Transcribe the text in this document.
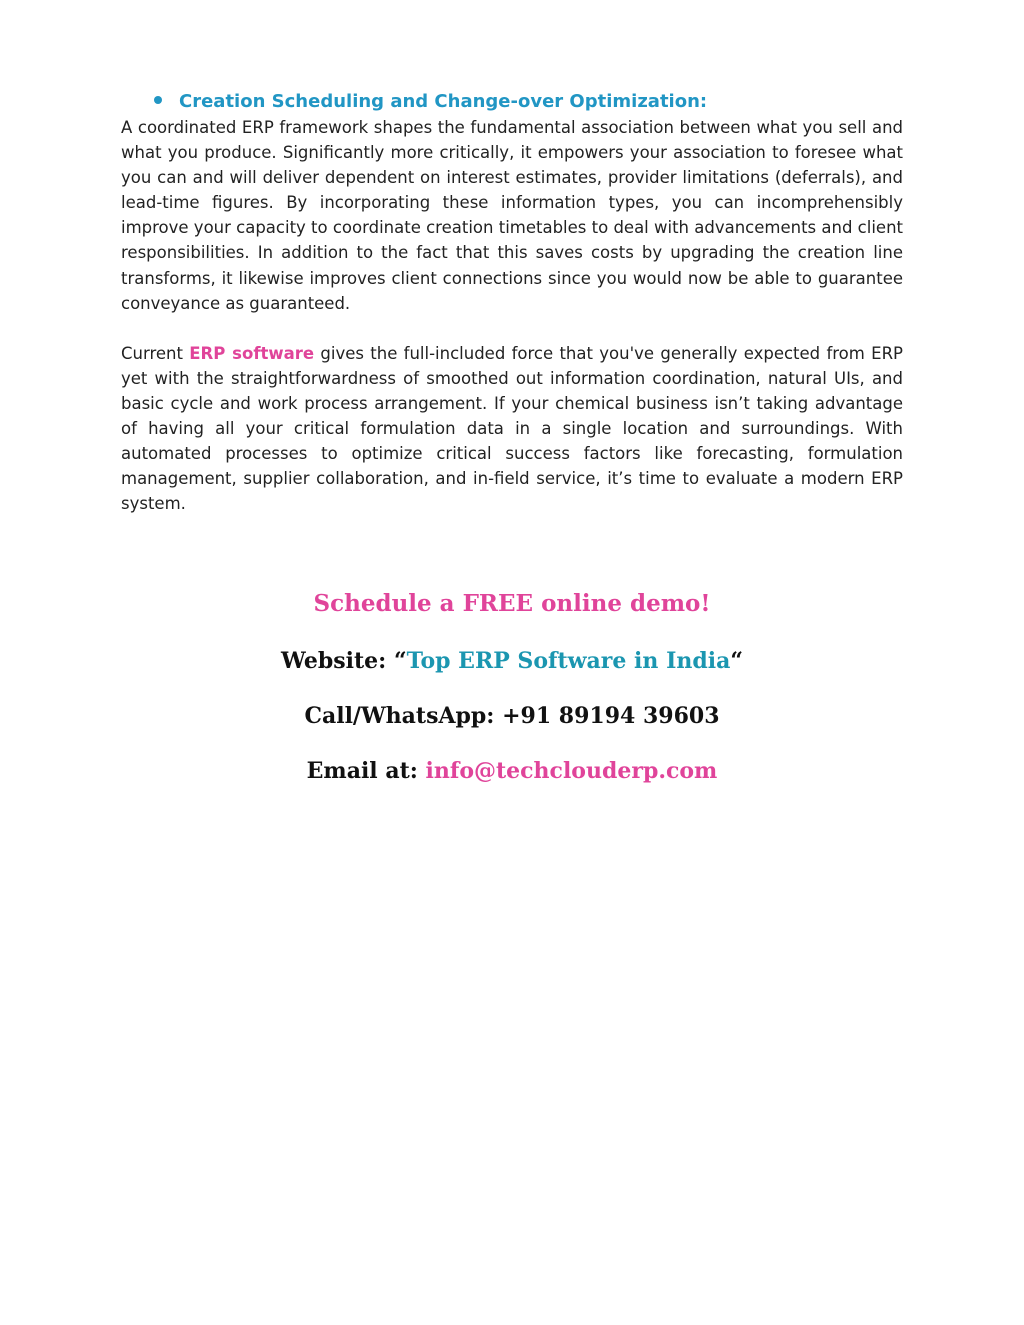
Creation Scheduling and Change-over Optimization:

A coordinated ERP framework shapes the fundamental association between what you sell and what you produce. Significantly more critically, it empowers your association to foresee what you can and will deliver dependent on interest estimates, provider limitations (deferrals), and lead-time figures. By incorporating these information types, you can incomprehensibly improve your capacity to coordinate creation timetables to deal with advancements and client responsibilities. In addition to the fact that this saves costs by upgrading the creation line transforms, it likewise improves client connections since you would now be able to guarantee conveyance as guaranteed.

Current ERP software gives the full-included force that you've generally expected from ERP yet with the straightforwardness of smoothed out information coordination, natural UIs, and basic cycle and work process arrangement. If your chemical business isn’t taking advantage of having all your critical formulation data in a single location and surroundings. With automated processes to optimize critical success factors like forecasting, formulation management, supplier collaboration, and in-field service, it’s time to evaluate a modern ERP system.

Schedule a FREE online demo!
Website: “Top ERP Software in India“
Call/WhatsApp: +91 89194 39603
Email at: info@techclouderp.com
